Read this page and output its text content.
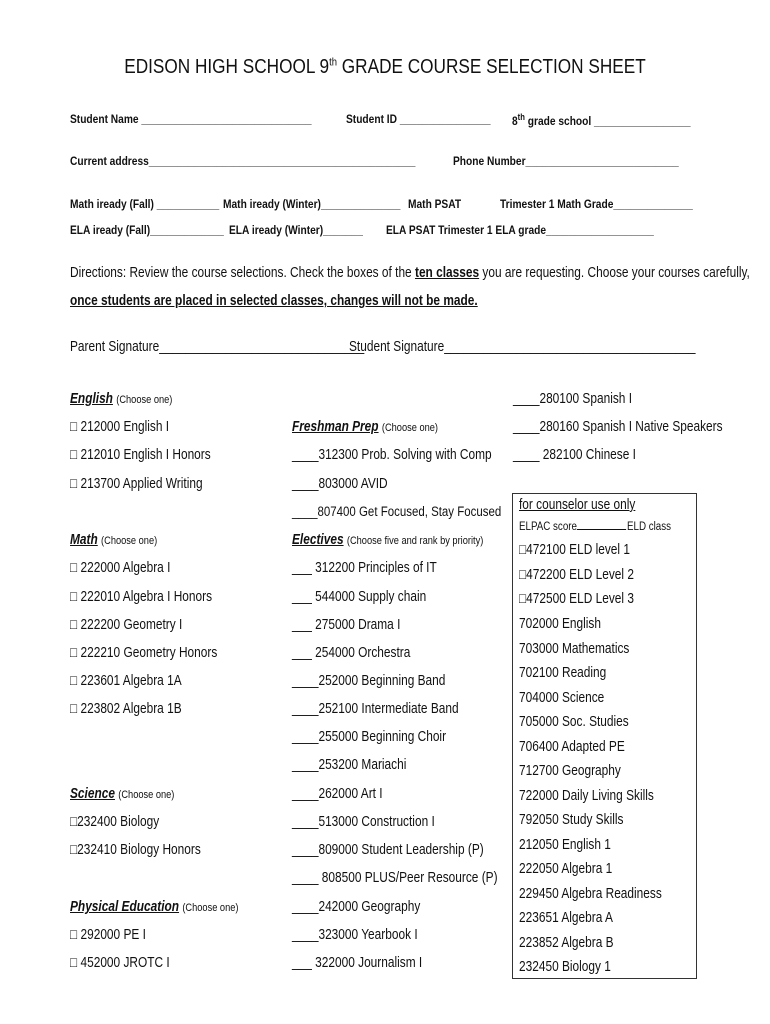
EDISON HIGH SCHOOL 9th GRADE COURSE SELECTION SHEET
Student Name ______________________________	Student ID ________________ 8th grade school _________________
Current address_______________________________________________	Phone Number___________________________
Math iready (Fall) ___________ Math iready (Winter)______________ Math PSAT	Trimester 1 Math Grade______________
ELA iready (Fall)_____________ ELA iready (Winter)_______ ELA PSAT Trimester 1 ELA grade___________________
Directions: Review the course selections. Check the boxes of the ten classes you are requesting. Choose your courses carefully,
once students are placed in selected classes, changes will not be made.
Parent Signature_______________________________
Student Signature______________________________________
English (Choose one)
□ 212000 English I
□ 212010 English I Honors
□ 213700 Applied Writing
Math (Choose one)
□ 222000 Algebra I
□ 222010 Algebra I Honors
□ 222200 Geometry I
□ 222210 Geometry Honors
□ 223601 Algebra 1A
□ 223802 Algebra 1B
Science (Choose one)
□232400 Biology
□232410 Biology Honors
Physical Education (Choose one)
□ 292000 PE I
□ 452000 JROTC I
Freshman Prep (Choose one)
____312300 Prob. Solving with Comp
____803000 AVID
____807400 Get Focused, Stay Focused
Electives (Choose five and rank by priority)
___ 312200 Principles of IT
___ 544000 Supply chain
___ 275000 Drama I
___ 254000 Orchestra
____252000 Beginning Band
____252100 Intermediate Band
____255000 Beginning Choir
____253200 Mariachi
____262000 Art I
____513000 Construction I
____809000 Student Leadership (P)
____ 808500 PLUS/Peer Resource (P)
____242000 Geography
____323000 Yearbook I
___ 322000 Journalism I
____280100 Spanish I
____280160 Spanish I Native Speakers
____ 282100 Chinese I
for counselor use only
ELPAC score	ELD class
□472100 ELD level 1
□472200 ELD Level 2
□472500 ELD Level 3
702000 English
703000 Mathematics
702100 Reading
704000 Science
705000 Soc. Studies
706400 Adapted PE
712700 Geography
722000 Daily Living Skills
792050 Study Skills
212050 English 1
222050 Algebra 1
229450 Algebra Readiness
223651 Algebra A
223852 Algebra B
232450 Biology 1
